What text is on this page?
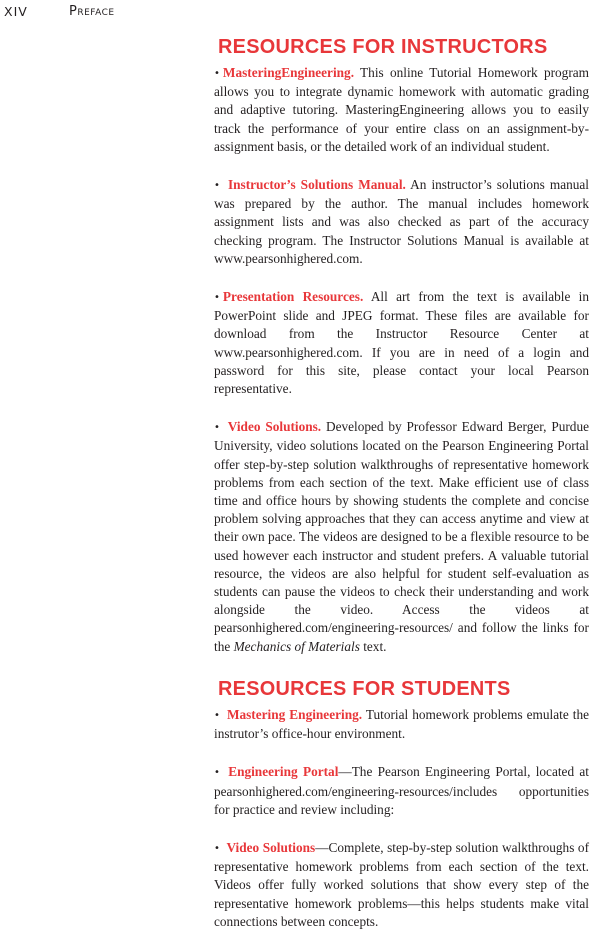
XIV	Preface
RESOURCES FOR INSTRUCTORS

• MasteringEngineering. This online Tutorial Homework program allows you to integrate dynamic homework with automatic grading and adaptive tutoring. MasteringEngineering allows you to easily track the performance of your entire class on an assignment-by-assignment basis, or the detailed work of an individual student.

• Instructor’s Solutions Manual. An instructor’s solutions manual was prepared by the author. The manual includes homework assignment lists and was also checked as part of the accuracy checking program. The Instructor Solutions Manual is available at www.pearsonhighered.com.

• Presentation Resources. All art from the text is available in PowerPoint slide and JPEG format. These files are available for download from the Instructor Resource Center at www.pearsonhighered.com. If you are in need of a login and password for this site, please contact your local Pearson representative.

• Video Solutions. Developed by Professor Edward Berger, Purdue University, video solutions located on the Pearson Engineering Portal offer step-by-step solution walkthroughs of representative homework problems from each section of the text. Make efficient use of class time and office hours by showing students the complete and concise problem solving approaches that they can access anytime and view at their own pace. The videos are designed to be a flexible resource to be used however each instructor and student prefers. A valuable tutorial resource, the videos are also helpful for student self-evaluation as students can pause the videos to check their understanding and work alongside the video. Access the videos at pearsonhighered.com/engineering-resources/ and follow the links for the Mechanics of Materials text.

RESOURCES FOR STUDENTS

• Mastering Engineering. Tutorial homework problems emulate the instrutor’s office-hour environment.

• Engineering Portal—The Pearson Engineering Portal, located at pearsonhighered.com/engineering-resources/includes opportunities for practice and review including:

• Video Solutions—Complete, step-by-step solution walkthroughs of representative homework problems from each section of the text. Videos offer fully worked solutions that show every step of the representative homework problems—this helps students make vital connections between concepts.
